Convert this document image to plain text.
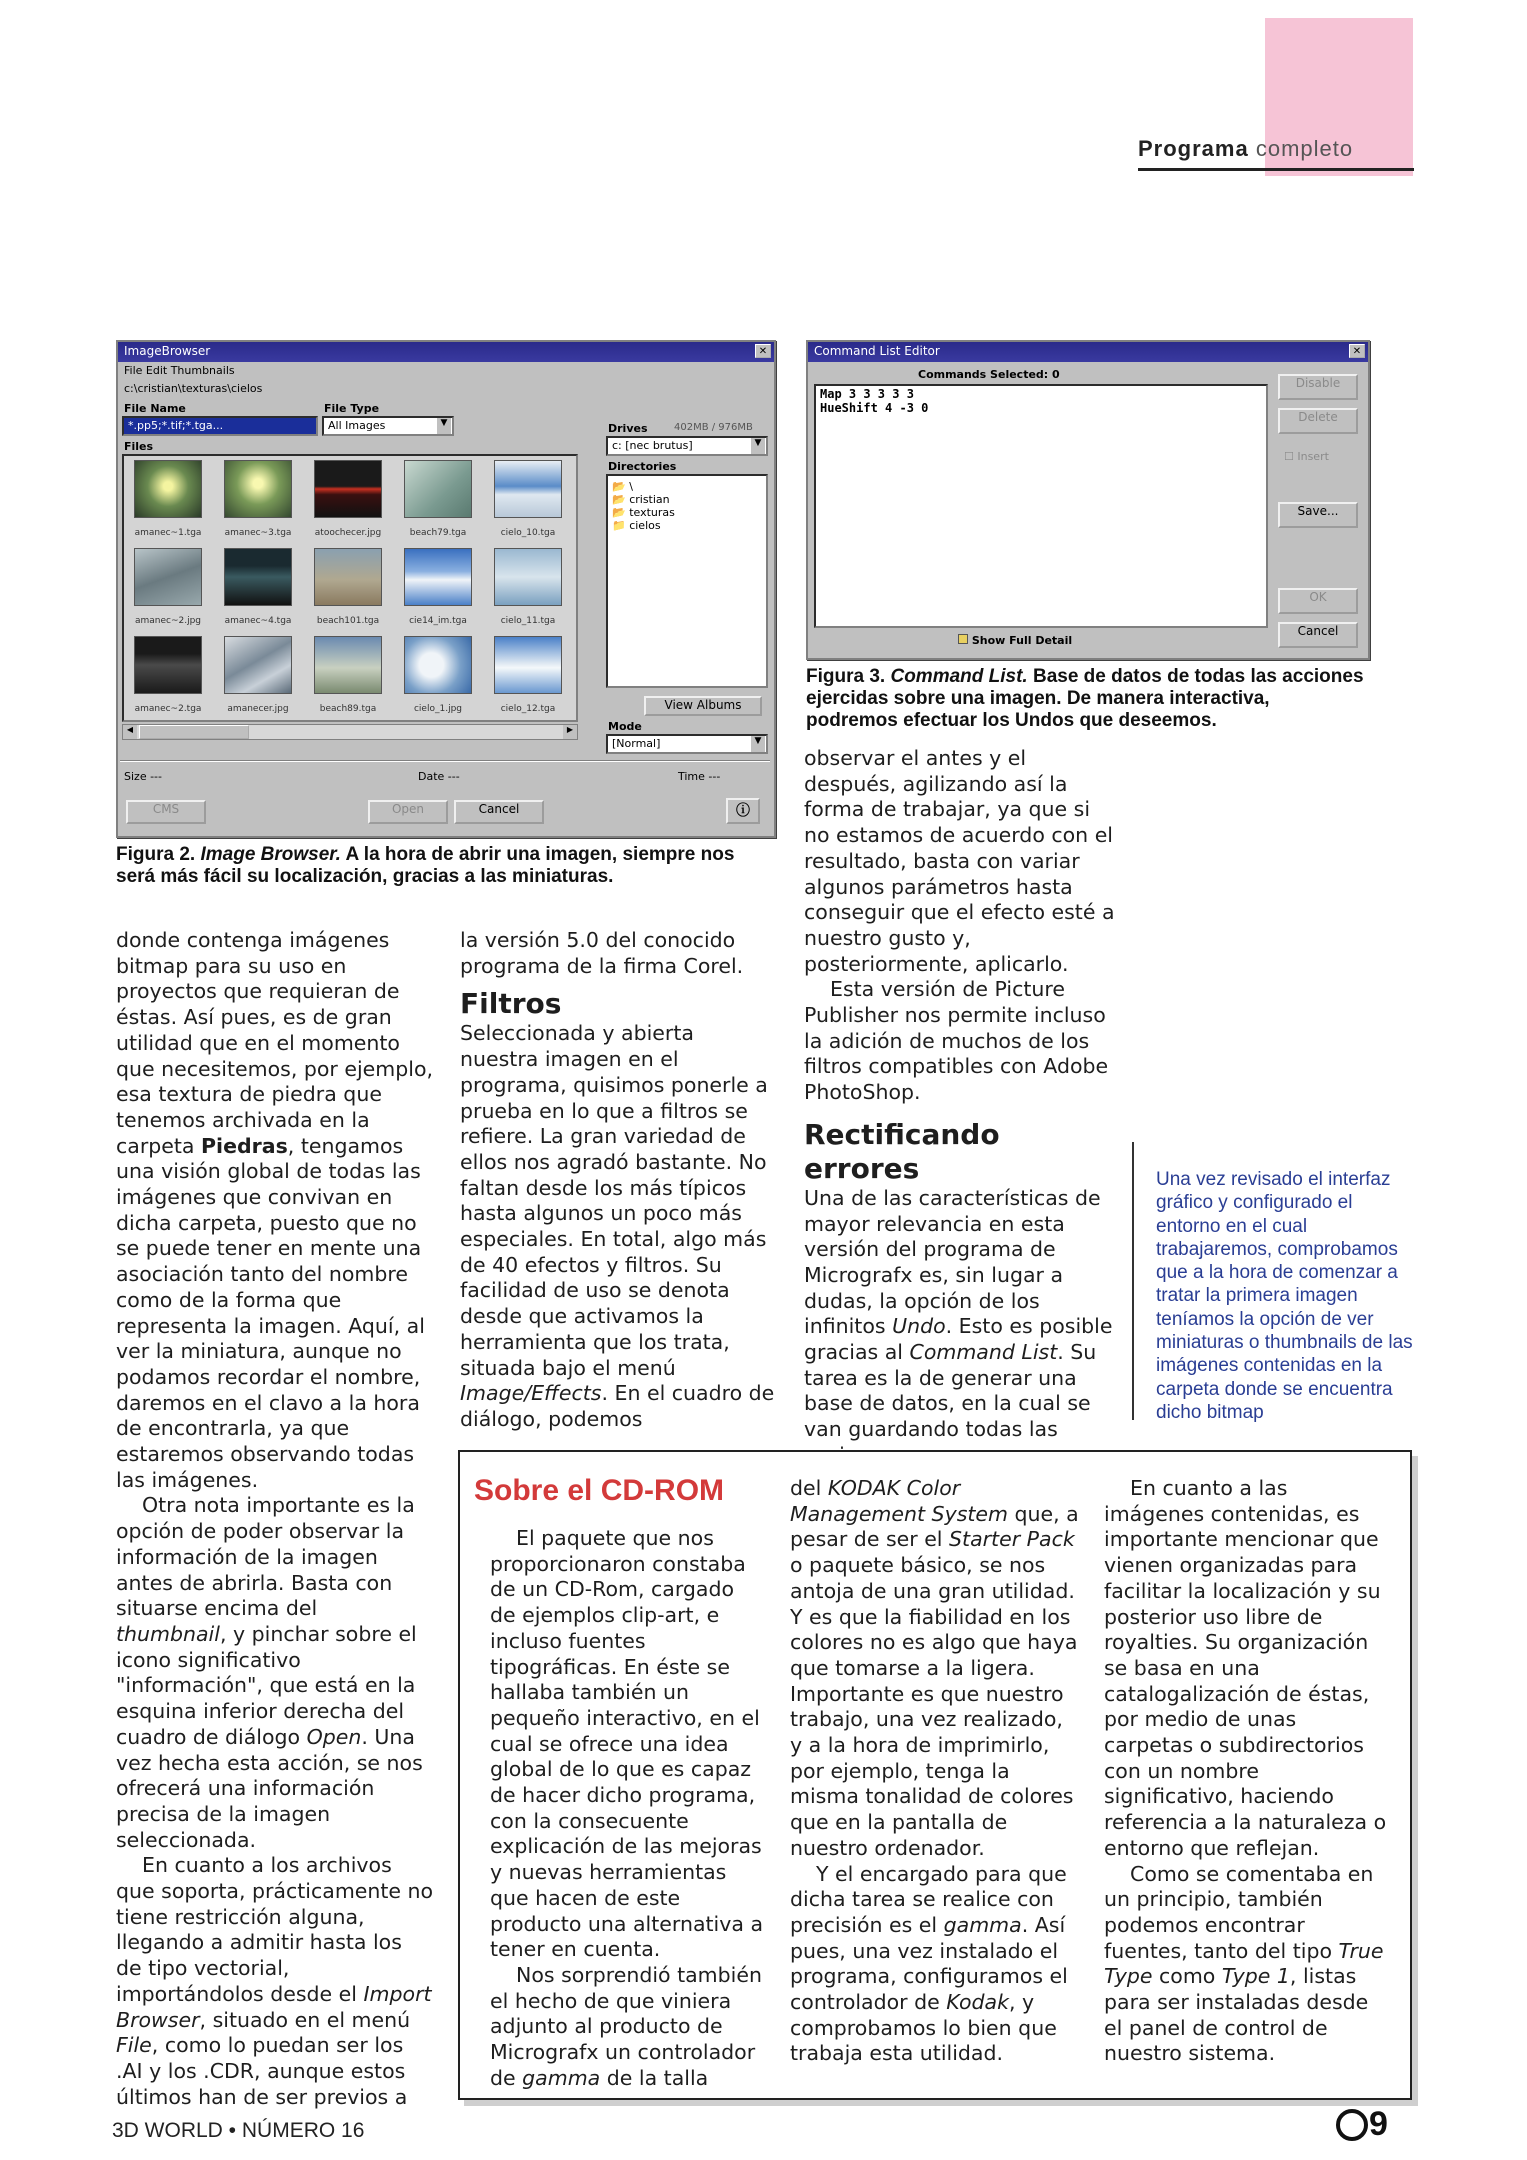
Programa completo
ImageBrowser	✕
File Edit Thumbnails
c:\cristian\texturas\cielos
File Name
*.pp5;*.tif;*.tga...
File Type
All Images	▼
Files
amanec~1.tga	amanec~3.tga	atoochecer.jpg	beach79.tga	cielo_10.tga
amanec~2.jpg	amanec~4.tga	beach101.tga	cie14_im.tga	cielo_11.tga
amanec~2.tga	amanecer.jpg	beach89.tga	cielo_1.jpg	cielo_12.tga
◀	▶
Drives	402MB / 976MB
c: [nec brutus]	▼
Directories
📂 \
📂 cristian
📂 texturas
📁 cielos
View Albums
Mode
[Normal]	▼
Size ---	Date ---	Time ---
CMS	Open	Cancel	ⓘ
Figura 2. Image Browser. A la hora de abrir una imagen, siempre nos será más fácil su localización, gracias a las miniaturas.
Command List Editor	✕
Commands Selected: 0
Map 3 3 3 3 3
HueShift 4 -3 0
Disable
Delete
☐ Insert
Save...
OK
Cancel
Show Full Detail
Figura 3. Command List. Base de datos de todas las acciones ejercidas sobre una imagen. De manera interactiva, podremos efectuar los Undos que deseemos.

donde contenga imágenes bitmap para su uso en proyectos que requieran de éstas. Así pues, es de gran utilidad que en el momento que necesitemos, por ejemplo, esa textura de piedra que tenemos archivada en la carpeta Piedras, tengamos una visión global de todas las imágenes que convivan en dicha carpeta, puesto que no se puede tener en mente una asociación tanto del nombre como de la forma que representa la imagen. Aquí, al ver la miniatura, aunque no podamos recordar el nombre, daremos en el clavo a la hora de encontrarla, ya que estaremos observando todas las imágenes.

Otra nota importante es la opción de poder observar la información de la imagen antes de abrirla. Basta con situarse encima del thumbnail, y pinchar sobre el icono significativo "información", que está en la esquina inferior derecha del cuadro de diálogo Open. Una vez hecha esta acción, se nos ofrecerá una información precisa de la imagen seleccionada.

En cuanto a los archivos que soporta, prácticamente no tiene restricción alguna, llegando a admitir hasta los de tipo vectorial, importándolos desde el Import Browser, situado en el menú File, como lo puedan ser los .AI y los .CDR, aunque estos últimos han de ser previos a

la versión 5.0 del conocido programa de la firma Corel.

Filtros

Seleccionada y abierta nuestra imagen en el programa, quisimos ponerle a prueba en lo que a filtros se refiere. La gran variedad de ellos nos agradó bastante. No faltan desde los más típicos hasta algunos un poco más especiales. En total, algo más de 40 efectos y filtros. Su facilidad de uso se denota desde que activamos la herramienta que los trata, situada bajo el menú Image/Effects. En el cuadro de diálogo, podemos

observar el antes y el después, agilizando así la forma de trabajar, ya que si no estamos de acuerdo con el resultado, basta con variar algunos parámetros hasta conseguir que el efecto esté a nuestro gusto y, posteriormente, aplicarlo.

Esta versión de Picture Publisher nos permite incluso la adición de muchos de los filtros compatibles con Adobe PhotoShop.

Rectificando errores

Una de las características de mayor relevancia en esta versión del programa de Micrografx es, sin lugar a dudas, la opción de los infinitos Undo. Esto es posible gracias al Command List. Su tarea es la de generar una base de datos, en la cual se van guardando todas las

Una vez revisado el interfaz gráfico y configurado el entorno en el cual trabajaremos, comprobamos que a la hora de comenzar a tratar la primera imagen teníamos la opción de ver miniaturas o thumbnails de las imágenes contenidas en la carpeta donde se encuentra dicho bitmap
Sobre el CD-ROM

El paquete que nos proporcionaron constaba de un CD-Rom, cargado de ejemplos clip-art, e incluso fuentes tipográficas. En éste se hallaba también un pequeño interactivo, en el cual se ofrece una idea global de lo que es capaz de hacer dicho programa, con la consecuente explicación de las mejoras y nuevas herramientas que hacen de este producto una alternativa a tener en cuenta.

Nos sorprendió también el hecho de que viniera adjunto al producto de Micrografx un controlador de gamma de la talla

del KODAK Color Management System que, a pesar de ser el Starter Pack o paquete básico, se nos antoja de una gran utilidad. Y es que la fiabilidad en los colores no es algo que haya que tomarse a la ligera. Importante es que nuestro trabajo, una vez realizado, y a la hora de imprimirlo, por ejemplo, tenga la misma tonalidad de colores que en la pantalla de nuestro ordenador.

Y el encargado para que dicha tarea se realice con precisión es el gamma. Así pues, una vez instalado el programa, configuramos el controlador de Kodak, y comprobamos lo bien que trabaja esta utilidad.

En cuanto a las imágenes contenidas, es importante mencionar que vienen organizadas para facilitar la localización y su posterior uso libre de royalties. Su organización se basa en una catalogalización de éstas, por medio de unas carpetas o subdirectorios con un nombre significativo, haciendo referencia a la naturaleza o entorno que reflejan.

Como se comentaba en un principio, también podemos encontrar fuentes, tanto del tipo True Type como Type 1, listas para ser instaladas desde el panel de control de nuestro sistema.

3D WORLD • NÚMERO 16	9
